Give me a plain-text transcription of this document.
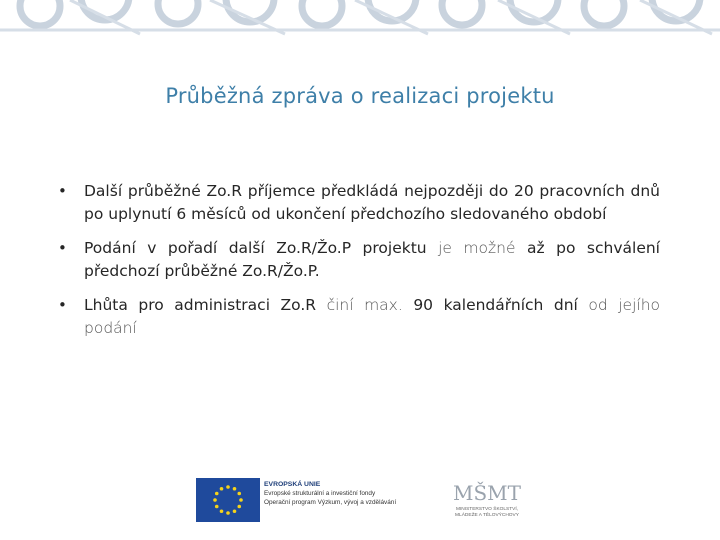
Průběžná zpráva o realizaci projektu
• Další průběžné Zo.R příjemce předkládá nejpozději do 20 pracovních dnů po uplynutí 6 měsíců od ukončení předchozího sledovaného období
• Podání v pořadí další Zo.R/Žo.P projektu je možné až po schválení předchozí průběžné Zo.R/Žo.P.
• Lhůta pro administraci Zo.R činí max. 90 kalendářních dní od jejího podání
EVROPSKÁ UNIE
Evropské strukturální a investiční fondy
Operační program Výzkum, vývoj a vzdělávání	MŠMT
MINISTERSTVO ŠKOLSTVÍ,
MLÁDEŽE A TĚLOVÝCHOVY
